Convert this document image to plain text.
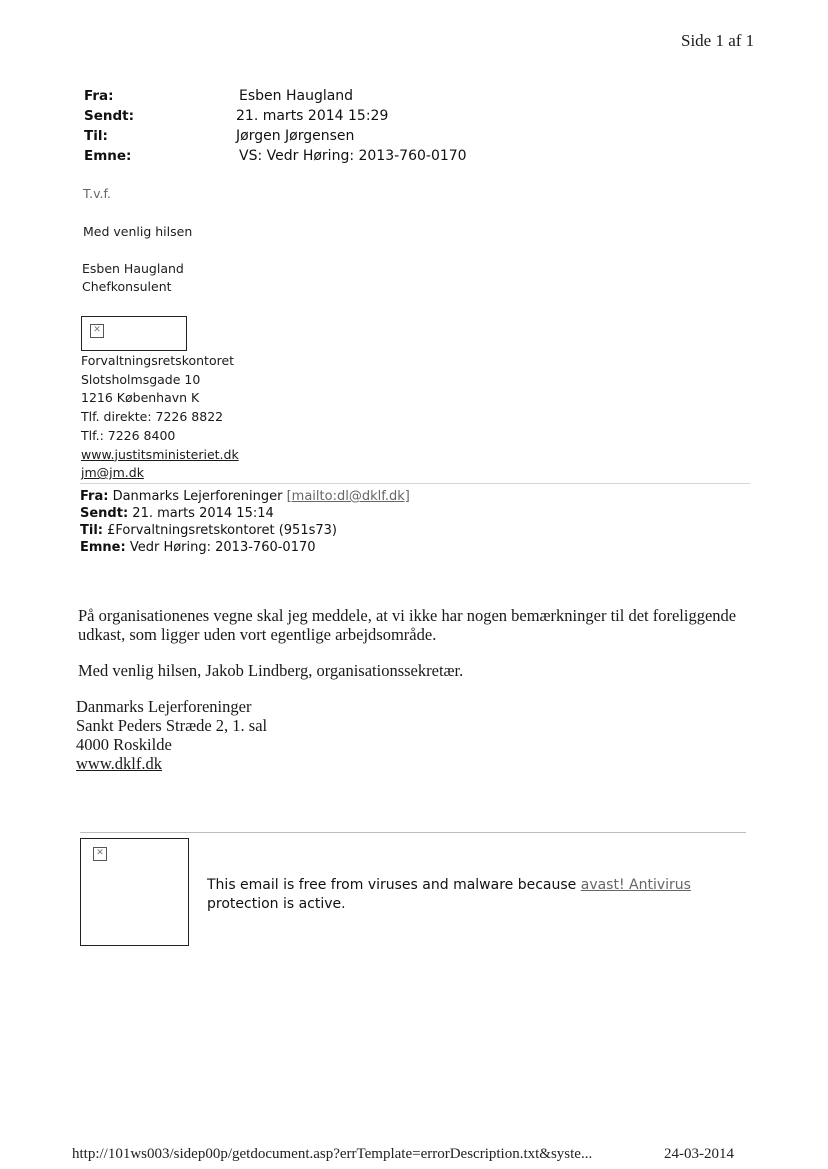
Side 1 af 1
Fra:	Esben Haugland
Sendt:	21. marts 2014 15:29
Til:	Jørgen Jørgensen
Emne:	VS: Vedr Høring: 2013-760-0170
T.v.f.
Med venlig hilsen
Esben Haugland
Chefkonsulent
✕
Forvaltningsretskontoret
Slotsholmsgade 10
1216 København K
Tlf. direkte: 7226 8822
Tlf.: 7226 8400
www.justitsministeriet.dk
jm@jm.dk
Fra: Danmarks Lejerforeninger [mailto:dl@dklf.dk]
Sendt: 21. marts 2014 15:14
Til: £Forvaltningsretskontoret (951s73)
Emne: Vedr Høring: 2013-760-0170
På organisationenes vegne skal jeg meddele, at vi ikke har nogen bemærkninger til det foreliggende
udkast, som ligger uden vort egentlige arbejdsområde.
Med venlig hilsen, Jakob Lindberg, organisationssekretær.
Danmarks Lejerforeninger
Sankt Peders Stræde 2, 1. sal
4000 Roskilde
www.dklf.dk
✕
This email is free from viruses and malware because avast! Antivirus protection is active.
http://101ws003/sidep00p/getdocument.asp?errTemplate=errorDescription.txt&syste...	24-03-2014
